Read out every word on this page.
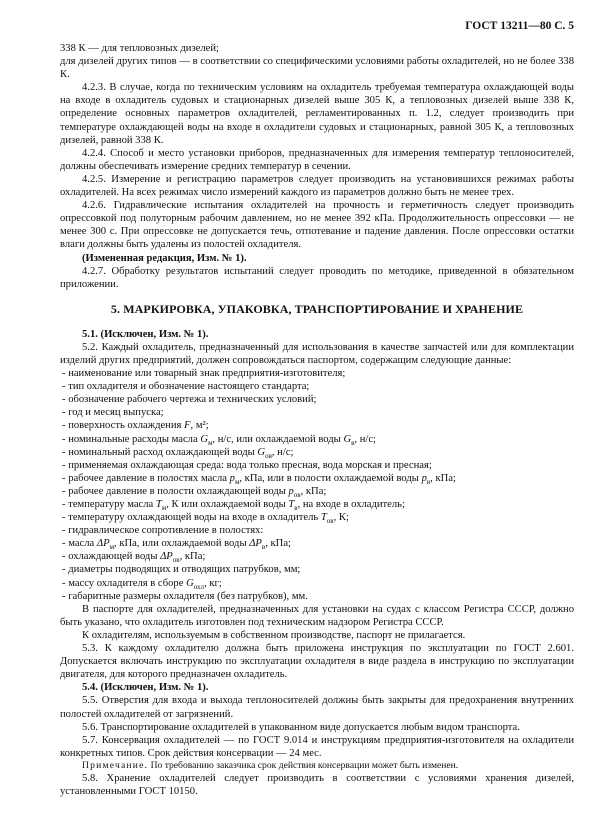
ГОСТ 13211—80 С. 5

338 К — для тепловозных дизелей;

для дизелей других типов — в соответствии со специфическими условиями работы охладителей, но не более 338 К.

4.2.3. В случае, когда по техническим условиям на охладитель требуемая температура охлаждающей воды на входе в охладитель судовых и стационарных дизелей выше 305 К, а тепловозных дизелей выше 338 К, определение основных параметров охладителей, регламентированных п. 1.2, следует производить при температуре охлаждающей воды на входе в охладители судовых и стационарных, равной 305 К, а тепловозных дизелей, равной 338 К.

4.2.4. Способ и место установки приборов, предназначенных для измерения температур теплоносителей, должны обеспечивать измерение средних температур в сечении.

4.2.5. Измерение и регистрацию параметров следует производить на установившихся режимах работы охладителей. На всех режимах число измерений каждого из параметров должно быть не менее трех.

4.2.6. Гидравлические испытания охладителей на прочность и герметичность следует производить опрессовкой под полуторным рабочим давлением, но не менее 392 кПа. Продолжительность опрессовки — не менее 300 с. При опрессовке не допускается течь, отпотевание и падение давления. После опрессовки остатки влаги должны быть удалены из полостей охладителя.

(Измененная редакция, Изм. № 1).

4.2.7. Обработку результатов испытаний следует проводить по методике, приведенной в обязательном приложении.

5. МАРКИРОВКА, УПАКОВКА, ТРАНСПОРТИРОВАНИЕ И ХРАНЕНИЕ

5.1. (Исключен, Изм. № 1).

5.2. Каждый охладитель, предназначенный для использования в качестве запчастей или для комплектации изделий других предприятий, должен сопровождаться паспортом, содержащим следующие данные:

- наименование или товарный знак предприятия-изготовителя;

- тип охладителя и обозначение настоящего стандарта;

- обозначение рабочего чертежа и технических условий;

- год и месяц выпуска;

- поверхность охлаждения F, м²;

- номинальные расходы масла $G_м$, н/с, или охлаждаемой воды $G_в$, н/с;

- номинальный расход охлаждающей воды $G_{ов}$, н/с;

- применяемая охлаждающая среда: вода только пресная, вода морская и пресная;

- рабочее давление в полостях масла $p_м$, кПа, или в полости охлаждаемой воды $p_в$, кПа;

- рабочее давление в полости охлаждающей воды $p_{ов}$, кПа;

- температуру масла $T_м$, К или охлаждаемой воды $T_в$, на входе в охладитель;

- температуру охлаждающей воды на входе в охладитель $T_{ов}$, К;

- гидравлическое сопротивление в полостях:

- масла $\Delta P_м$, кПа, или охлаждаемой воды $\Delta P_в$, кПа;

- охлаждающей воды $\Delta P_{ов}$, кПа;

- диаметры подводящих и отводящих патрубков, мм;

- массу охладителя в сборе $G_{охл}$, кг;

- габаритные размеры охладителя (без патрубков), мм.

В паспорте для охладителей, предназначенных для установки на судах с классом Регистра СССР, должно быть указано, что охладитель изготовлен под техническим надзором Регистра СССР.

К охладителям, используемым в собственном производстве, паспорт не прилагается.

5.3. К каждому охладителю должна быть приложена инструкция по эксплуатации по ГОСТ 2.601. Допускается включать инструкцию по эксплуатации охладителя в виде раздела в инструкцию по эксплуатации двигателя, для которого предназначен охладитель.

5.4. (Исключен, Изм. № 1).

5.5. Отверстия для входа и выхода теплоносителей должны быть закрыты для предохранения внутренних полостей охладителей от загрязнений.

5.6. Транспортирование охладителей в упакованном виде допускается любым видом транспорта.

5.7. Консервация охладителей — по ГОСТ 9.014 и инструкциям предприятия-изготовителя на охладители конкретных типов. Срок действия консервации — 24 мес.

Примечание. По требованию заказчика срок действия консервации может быть изменен.

5.8. Хранение охладителей следует производить в соответствии с условиями хранения дизелей, установленными ГОСТ 10150.
